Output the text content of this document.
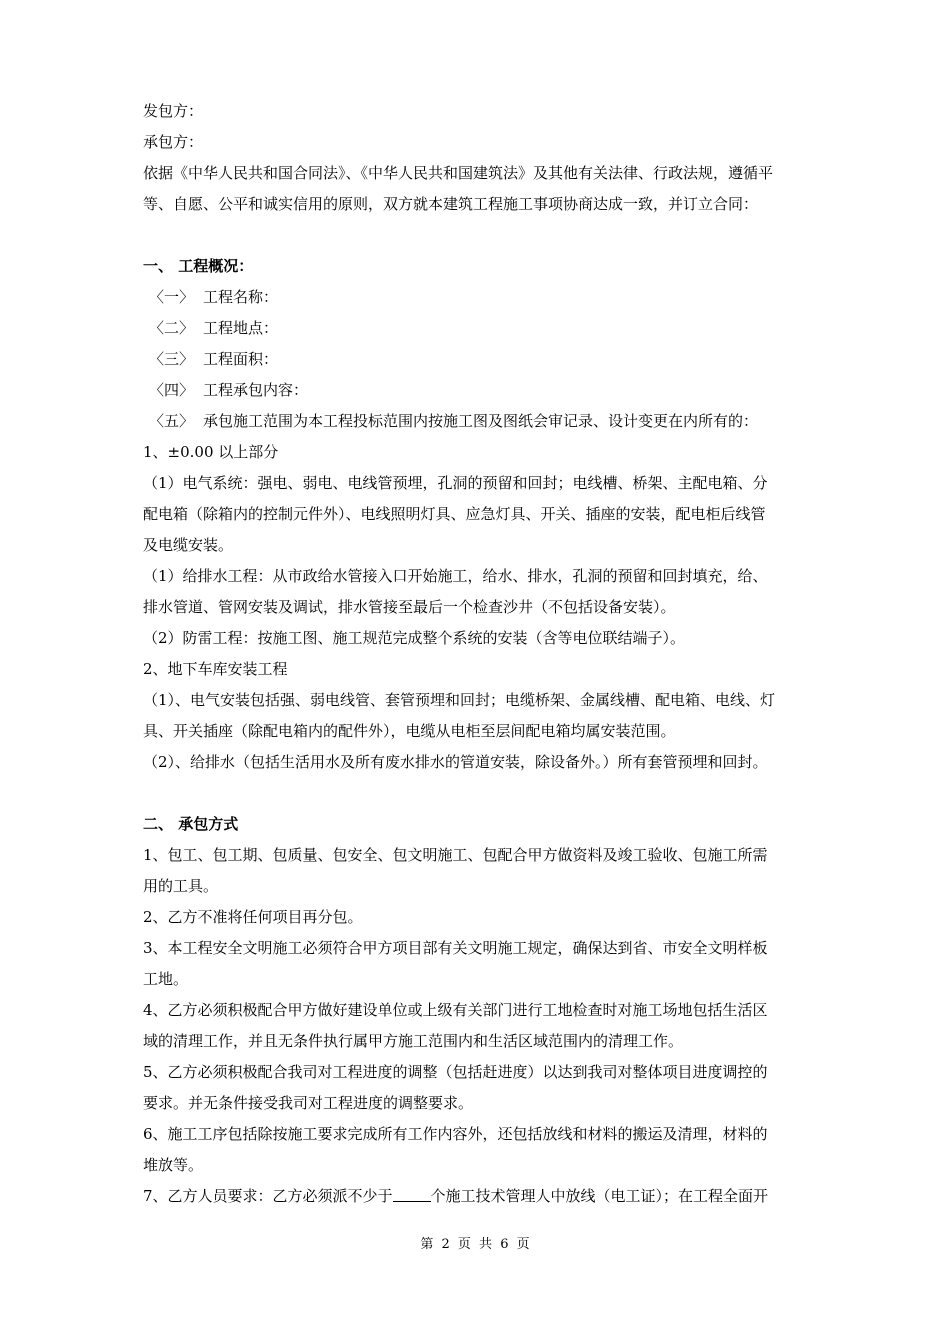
发包方：
承包方：
依据《中华人民共和国合同法》、《中华人民共和国建筑法》及其他有关法律、行政法规，遵循平
等、自愿、公平和诚实信用的原则，双方就本建筑工程施工事项协商达成一致，并订立合同：
一、 工程概况：
〈一〉 工程名称：
〈二〉 工程地点：
〈三〉 工程面积：
〈四〉 工程承包内容：
〈五〉 承包施工范围为本工程投标范围内按施工图及图纸会审记录、设计变更在内所有的：
1、±0.00 以上部分
（1）电气系统：强电、弱电、电线管预埋，孔洞的预留和回封；电线槽、桥架、主配电箱、分
配电箱（除箱内的控制元件外）、电线照明灯具、应急灯具、开关、插座的安装，配电柜后线管
及电缆安装。
（1）给排水工程：从市政给水管接入口开始施工，给水、排水，孔洞的预留和回封填充，给、
排水管道、管网安装及调试，排水管接至最后一个检查沙井（不包括设备安装）。
（2）防雷工程：按施工图、施工规范完成整个系统的安装（含等电位联结端子）。
2、地下车库安装工程
（1）、电气安装包括强、弱电线管、套管预埋和回封；电缆桥架、金属线槽、配电箱、电线、灯
具、开关插座（除配电箱内的配件外），电缆从电柜至层间配电箱均属安装范围。
（2）、给排水（包括生活用水及所有废水排水的管道安装，除设备外。）所有套管预埋和回封。
二、 承包方式
1、包工、包工期、包质量、包安全、包文明施工、包配合甲方做资料及竣工验收、包施工所需
用的工具。
2、乙方不准将任何项目再分包。
3、本工程安全文明施工必须符合甲方项目部有关文明施工规定，确保达到省、市安全文明样板
工地。
4、乙方必须积极配合甲方做好建设单位或上级有关部门进行工地检查时对施工场地包括生活区
域的清理工作，并且无条件执行属甲方施工范围内和生活区域范围内的清理工作。
5、乙方必须积极配合我司对工程进度的调整（包括赶进度）以达到我司对整体项目进度调控的
要求。并无条件接受我司对工程进度的调整要求。
6、施工工序包括除按施工要求完成所有工作内容外，还包括放线和材料的搬运及清理，材料的
堆放等。
7、乙方人员要求：乙方必须派不少于	个施工技术管理人中放线（电工证）；在工程全面开
第 2 页 共 6 页
